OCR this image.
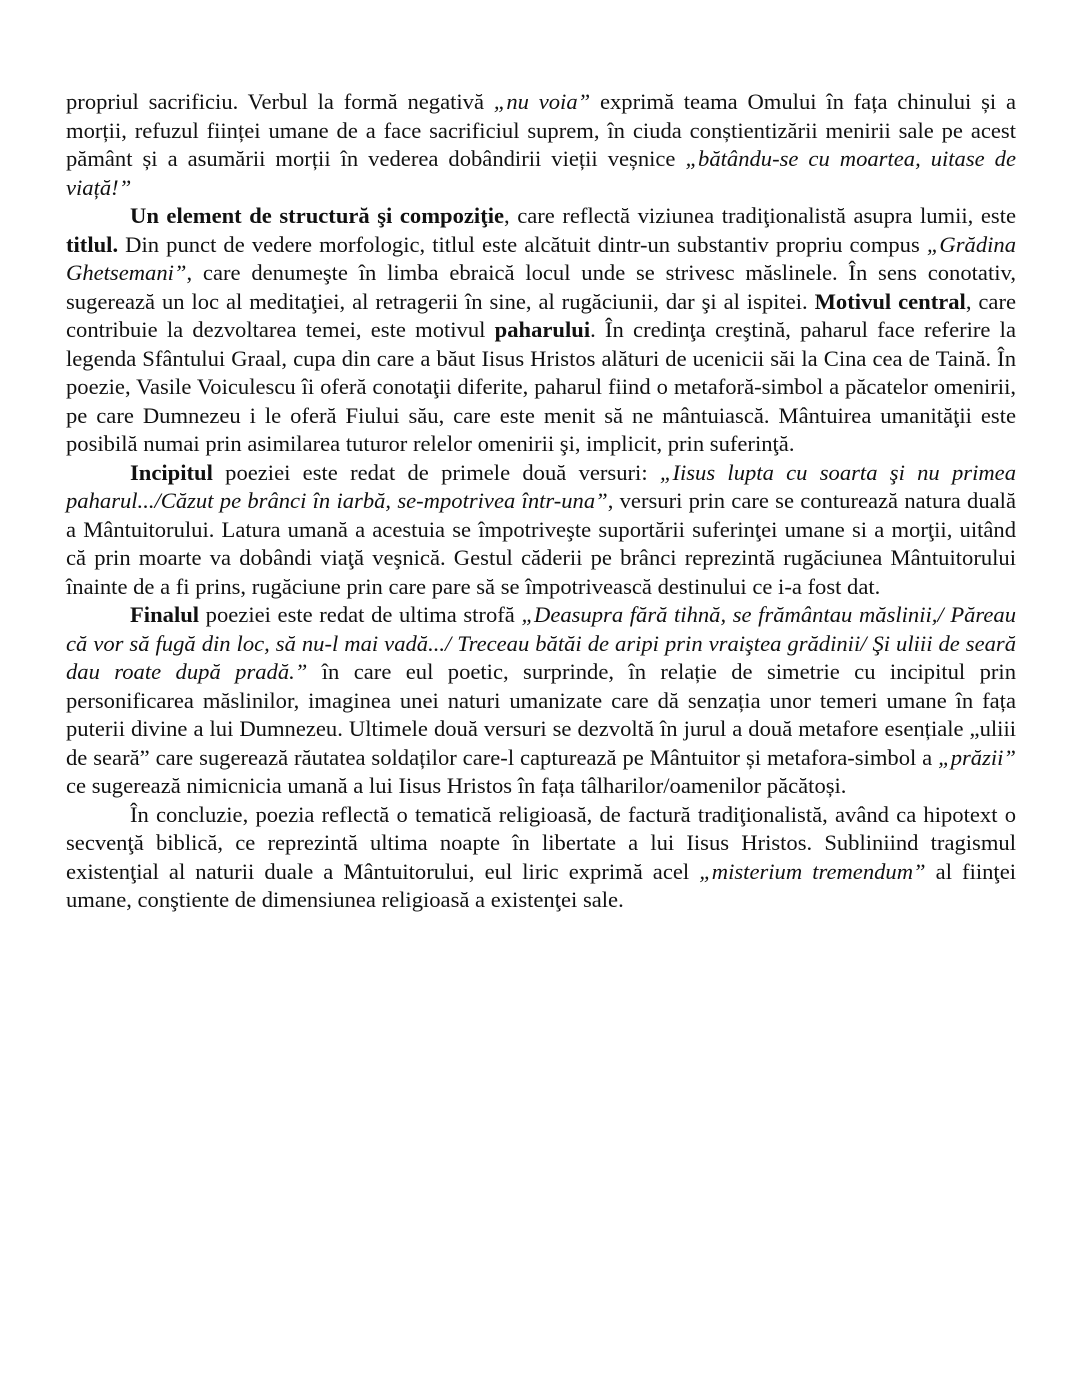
propriul sacrificiu. Verbul la formă negativă „nu voia” exprimă teama Omului în fața chinului și a morții, refuzul ființei umane de a face sacrificiul suprem, în ciuda conștientizării menirii sale pe acest pământ și a asumării morții în vederea dobândirii vieții veșnice „bătându-se cu moartea, uitase de viață!”

Un element de structură şi compoziţie, care reflectă viziunea tradiţionalistă asupra lumii, este titlul. Din punct de vedere morfologic, titlul este alcătuit dintr-un substantiv propriu compus „Grădina Ghetsemani”, care denumeşte în limba ebraică locul unde se strivesc măslinele. În sens conotativ, sugerează un loc al meditaţiei, al retragerii în sine, al rugăciunii, dar şi al ispitei. Motivul central, care contribuie la dezvoltarea temei, este motivul paharului. În credinţa creştină, paharul face referire la legenda Sfântului Graal, cupa din care a băut Iisus Hristos alături de ucenicii săi la Cina cea de Taină. În poezie, Vasile Voiculescu îi oferă conotaţii diferite, paharul fiind o metaforă-simbol a păcatelor omenirii, pe care Dumnezeu i le oferă Fiului său, care este menit să ne mântuiască. Mântuirea umanităţii este posibilă numai prin asimilarea tuturor relelor omenirii şi, implicit, prin suferinţă.

Incipitul poeziei este redat de primele două versuri: „Iisus lupta cu soarta şi nu primea paharul.../Căzut pe brânci în iarbă, se-mpotrivea într-una”, versuri prin care se conturează natura duală a Mântuitorului. Latura umană a acestuia se împotriveşte suportării suferinţei umane si a morţii, uitând că prin moarte va dobândi viaţă veşnică. Gestul căderii pe brânci reprezintă rugăciunea Mântuitorului înainte de a fi prins, rugăciune prin care pare să se împotrivească destinului ce i-a fost dat.

Finalul poeziei este redat de ultima strofă „Deasupra fără tihnă, se frământau măslinii,/ Păreau că vor să fugă din loc, să nu-l mai vadă.../ Treceau bătăi de aripi prin vraiştea grădinii/ Şi uliii de seară dau roate după pradă.” în care eul poetic, surprinde, în relație de simetrie cu incipitul prin personificarea măslinilor, imaginea unei naturi umanizate care dă senzația unor temeri umane în fața puterii divine a lui Dumnezeu. Ultimele două versuri se dezvoltă în jurul a două metafore esențiale „uliii de seară” care sugerează răutatea soldaților care-l capturează pe Mântuitor și metafora-simbol a „prăzii” ce sugerează nimicnicia umană a lui Iisus Hristos în fața tâlharilor/oamenilor păcătoși.

În concluzie, poezia reflectă o tematică religioasă, de factură tradiţionalistă, având ca hipotext o secvenţă biblică, ce reprezintă ultima noapte în libertate a lui Iisus Hristos. Subliniind tragismul existenţial al naturii duale a Mântuitorului, eul liric exprimă acel „misterium tremendum” al fiinţei umane, conştiente de dimensiunea religioasă a existenţei sale.
